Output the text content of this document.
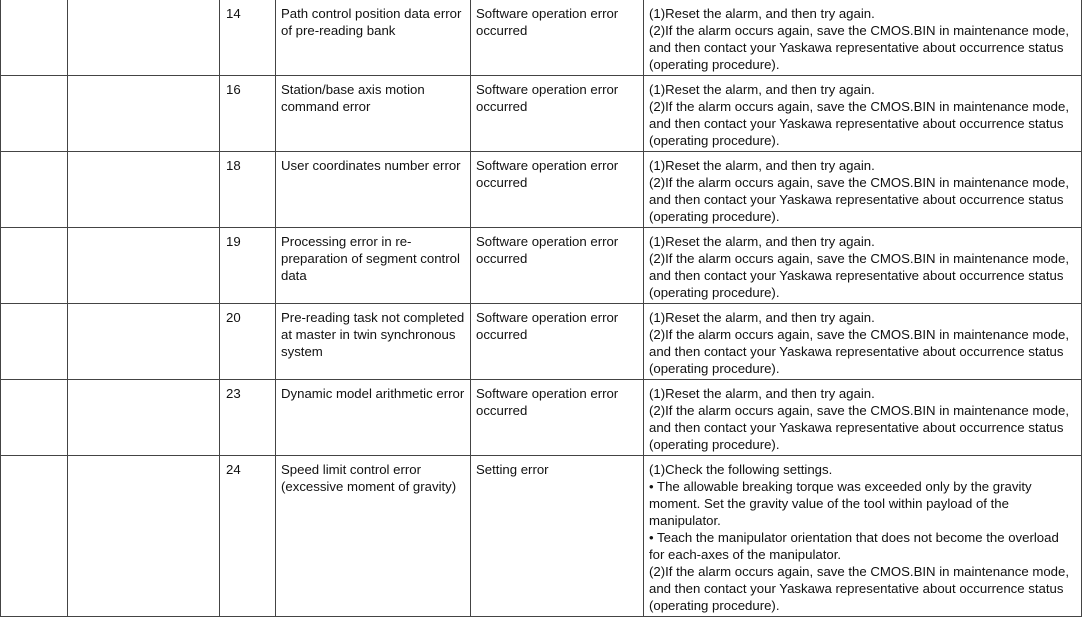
		14	Path control position data error of pre-reading bank	Software operation error occurred	(1)Reset the alarm, and then try again.
(2)If the alarm occurs again, save the CMOS.BIN in maintenance mode, and then contact your Yaskawa representative about occurrence status (operating procedure).

		16	Station/base axis motion command error	Software operation error occurred	(1)Reset the alarm, and then try again.
(2)If the alarm occurs again, save the CMOS.BIN in maintenance mode, and then contact your Yaskawa representative about occurrence status (operating procedure).

		18	User coordinates number error	Software operation error occurred	(1)Reset the alarm, and then try again.
(2)If the alarm occurs again, save the CMOS.BIN in maintenance mode, and then contact your Yaskawa representative about occurrence status (operating procedure).

		19	Processing error in re-preparation of segment control data	Software operation error occurred	(1)Reset the alarm, and then try again.
(2)If the alarm occurs again, save the CMOS.BIN in maintenance mode, and then contact your Yaskawa representative about occurrence status (operating procedure).

		20	Pre-reading task not completed at master in twin synchronous system	Software operation error occurred	(1)Reset the alarm, and then try again.
(2)If the alarm occurs again, save the CMOS.BIN in maintenance mode, and then contact your Yaskawa representative about occurrence status (operating procedure).

		23	Dynamic model arithmetic error	Software operation error occurred	(1)Reset the alarm, and then try again.
(2)If the alarm occurs again, save the CMOS.BIN in maintenance mode, and then contact your Yaskawa representative about occurrence status (operating procedure).

		24	Speed limit control error (excessive moment of gravity)	Setting error	(1)Check the following settings.
• The allowable breaking torque was exceeded only by the gravity moment. Set the gravity value of the tool within payload of the manipulator.
• Teach the manipulator orientation that does not become the overload for each-axes of the manipulator.
(2)If the alarm occurs again, save the CMOS.BIN in maintenance mode, and then contact your Yaskawa representative about occurrence status (operating procedure).
